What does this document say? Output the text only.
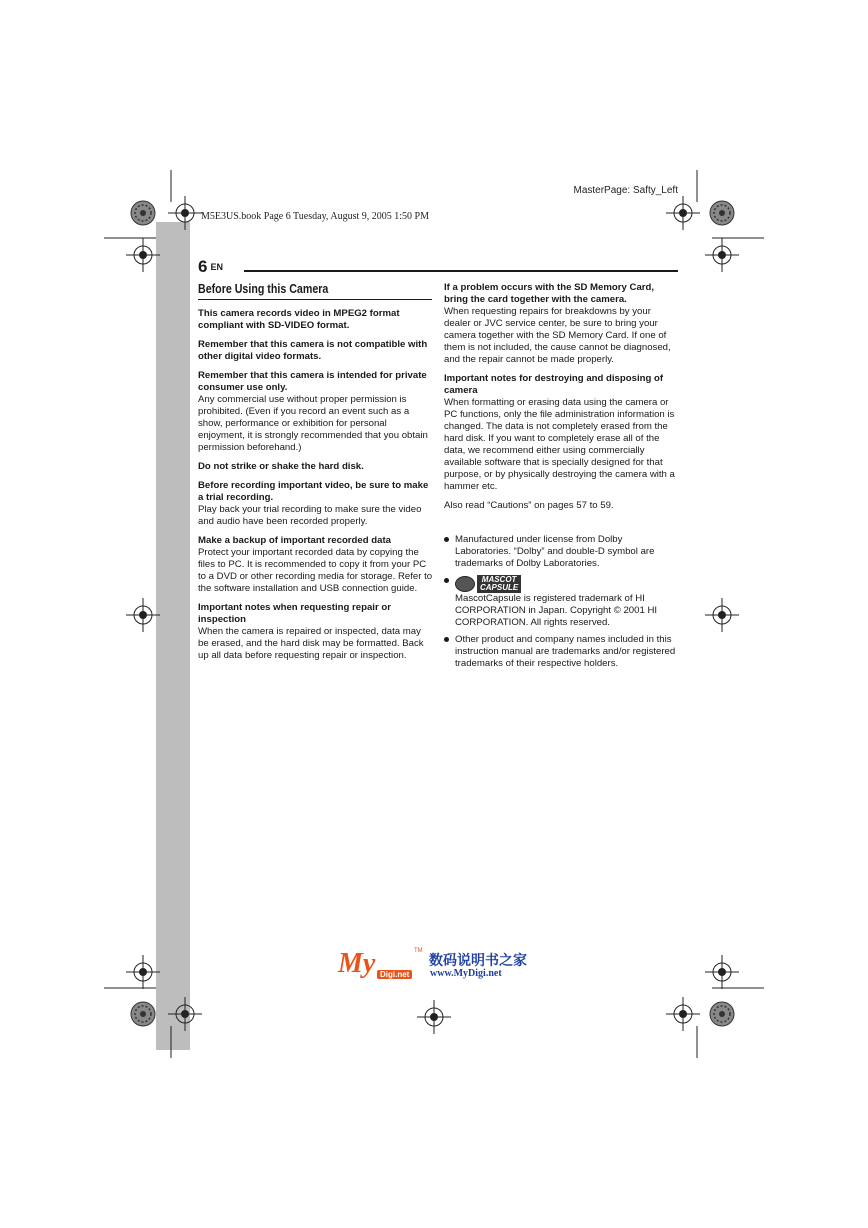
MasterPage: Safty_Left
M5E3US.book Page 6 Tuesday, August 9, 2005 1:50 PM
6 EN
Before Using this Camera

This camera records video in MPEG2 format compliant with SD-VIDEO format.

Remember that this camera is not compatible with other digital video formats.

Remember that this camera is intended for private consumer use only.
Any commercial use without proper permission is prohibited. (Even if you record an event such as a show, performance or exhibition for personal enjoyment, it is strongly recommended that you obtain permission beforehand.)

Do not strike or shake the hard disk.

Before recording important video, be sure to make a trial recording.
Play back your trial recording to make sure the video and audio have been recorded properly.

Make a backup of important recorded data
Protect your important recorded data by copying the files to PC. It is recommended to copy it from your PC to a DVD or other recording media for storage. Refer to the software installation and USB connection guide.

Important notes when requesting repair or inspection
When the camera is repaired or inspected, data may be erased, and the hard disk may be formatted. Back up all data before requesting repair or inspection.

If a problem occurs with the SD Memory Card, bring the card together with the camera.
When requesting repairs for breakdowns by your dealer or JVC service center, be sure to bring your camera together with the SD Memory Card. If one of them is not included, the cause cannot be diagnosed, and the repair cannot be made properly.

Important notes for destroying and disposing of camera
When formatting or erasing data using the camera or PC functions, only the file administration information is changed. The data is not completely erased from the hard disk. If you want to completely erase all of the data, we recommend either using commercially available software that is specially designed for that purpose, or by physically destroying the camera with a hammer etc.

Also read “Cautions” on pages 57 to 59.

Manufactured under license from Dolby Laboratories. “Dolby” and double-D symbol are trademarks of Dolby Laboratories.
MASCOT
CAPSULE

MascotCapsule is registered trademark of HI CORPORATION in Japan. Copyright © 2001 HI CORPORATION. All rights reserved.
Other product and company names included in this instruction manual are trademarks and/or registered trademarks of their respective holders.
My	TM
Digi.net
数码说明书之家
www.MyDigi.net
